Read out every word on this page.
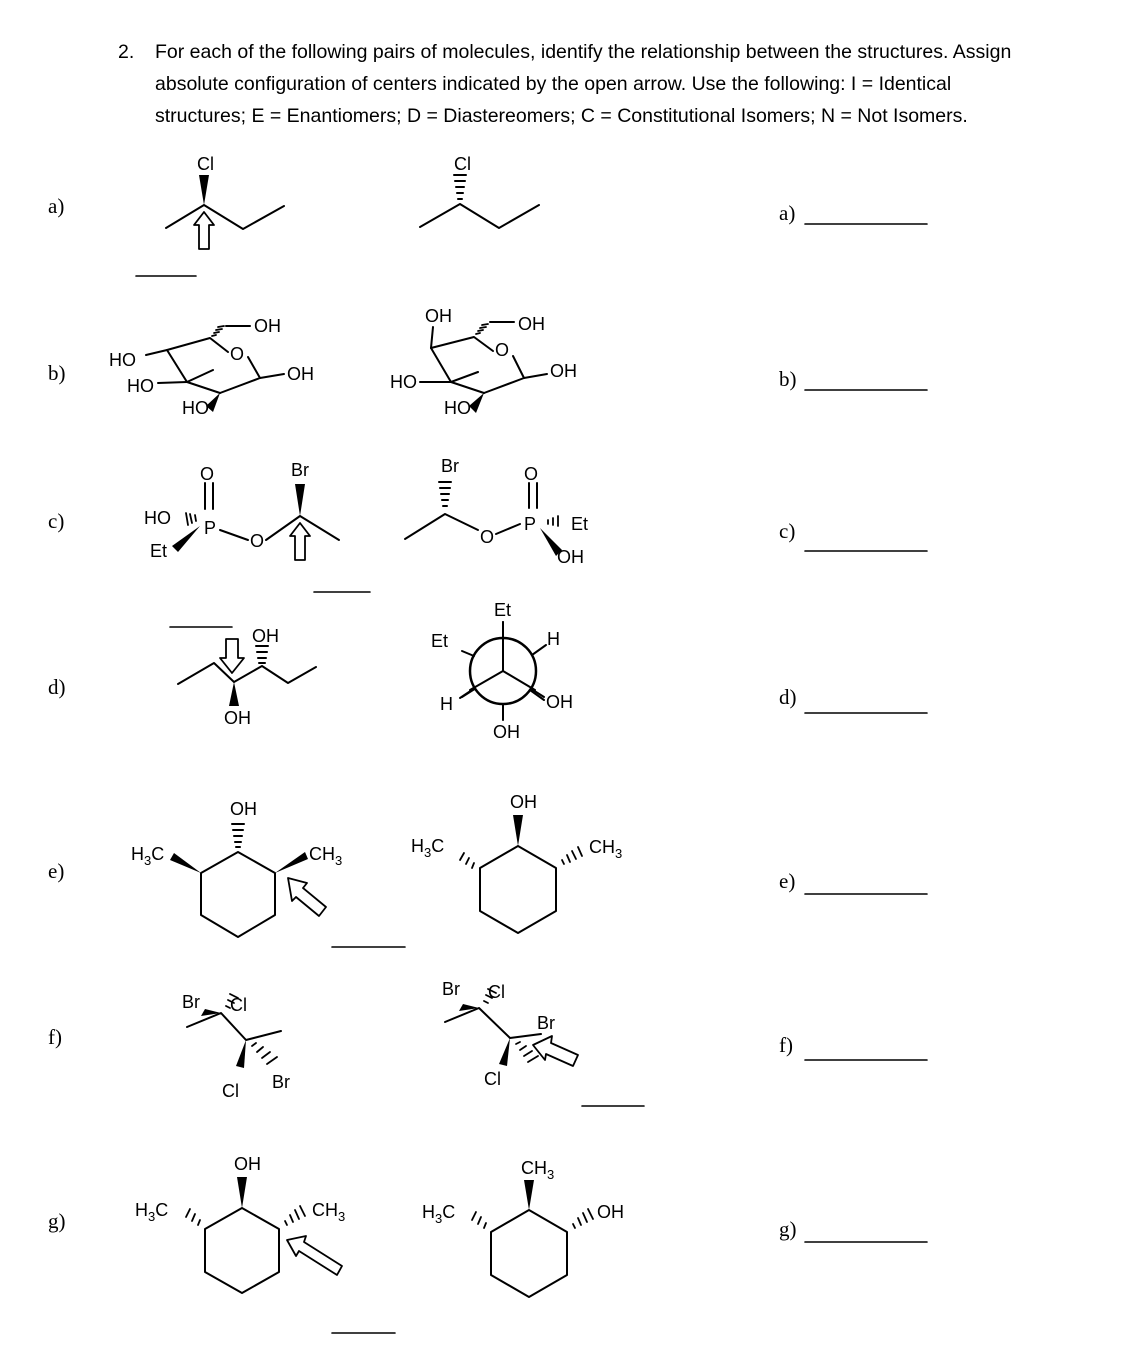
2.	For each of the following pairs of molecules, identify the relationship between the structures. Assign
absolute configuration of centers indicated by the open arrow. Use the following: I = Identical
structures; E = Enantiomers; D = Diastereomers; C = Constitutional Isomers; N = Not Isomers.
a)
b)
c)
d)
e)
f)
g)
a)
b)
c)
d)
e)
f)
g)
Cl	Cl
HO
HO
HO
O
OH
OH
OH
HO
HO
O
OH
OH
O
HO P
Et	O
Br	Br
O
O
P Et
OH
OH
OH
Et
Et	H
H	OH
OH
OH
$H_3C$	$CH_3$
OH
$H_3C$	$CH_3$
Br Cl
Cl Br
Br Cl
Br
Cl
OH
$H_3C$	$CH_3$
$CH_3$
$H_3C$	OH
